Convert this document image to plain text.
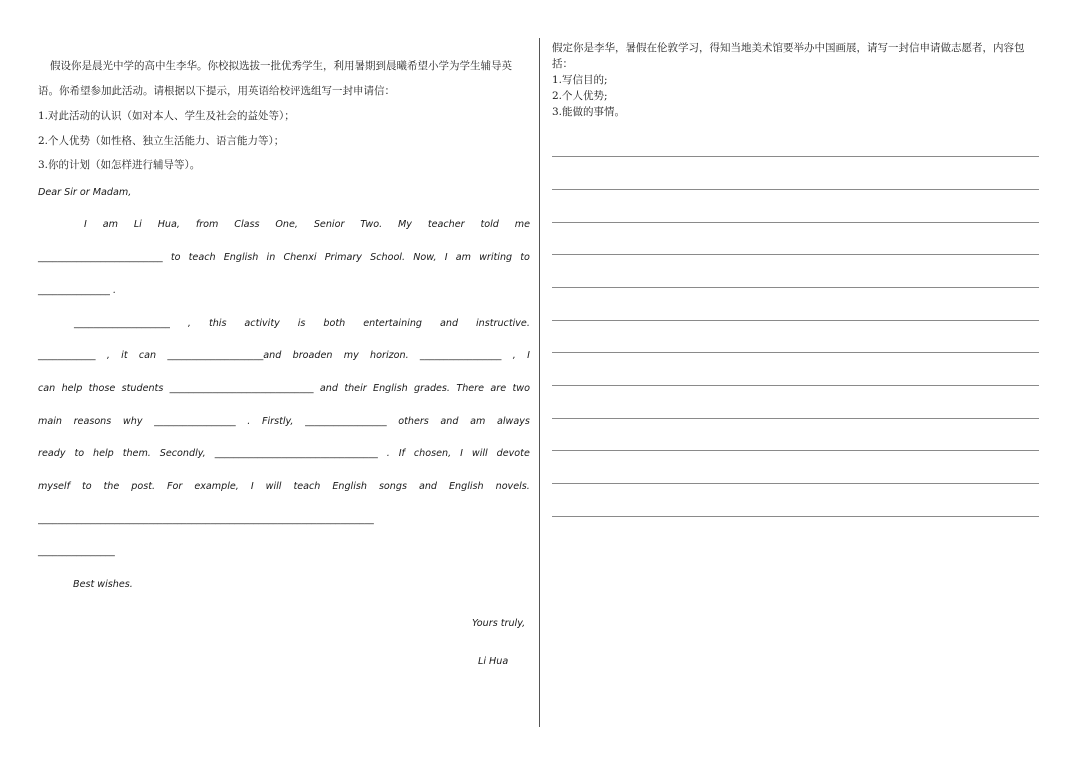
假设你是晨光中学的高中生李华。你校拟选拔一批优秀学生，利用暑期到晨曦希望小学为学生辅导英
语。你希望参加此活动。请根据以下提示，用英语给校评选组写一封申请信：
1.对此活动的认识（如对本人、学生及社会的益处等）；
2.个人优势（如性格、独立生活能力、语言能力等）；
3.你的计划（如怎样进行辅导等）。
Dear Sir or Madam,
I am Li Hua, from Class One, Senior Two. My teacher told me
__________________________ to teach English in Chenxi Primary School. Now, I am writing to
_______________ .
____________________ , this activity is both entertaining and instructive.
____________ , it can ____________________and broaden my horizon. _________________ , I
can help those students ______________________________ and their English grades. There are two
main reasons why _________________ . Firstly, _________________ others and am always
ready to help them. Secondly, __________________________________ . If chosen, I will devote
myself to the post. For example, I will teach English songs and English novels.
______________________________________________________________________
________________
Best wishes.
Yours truly,
Li Hua
假定你是李华，暑假在伦敦学习，得知当地美术馆要举办中国画展，请写一封信申请做志愿者，内容包
括：
1.写信目的;
2.个人优势;
3.能做的事情。
